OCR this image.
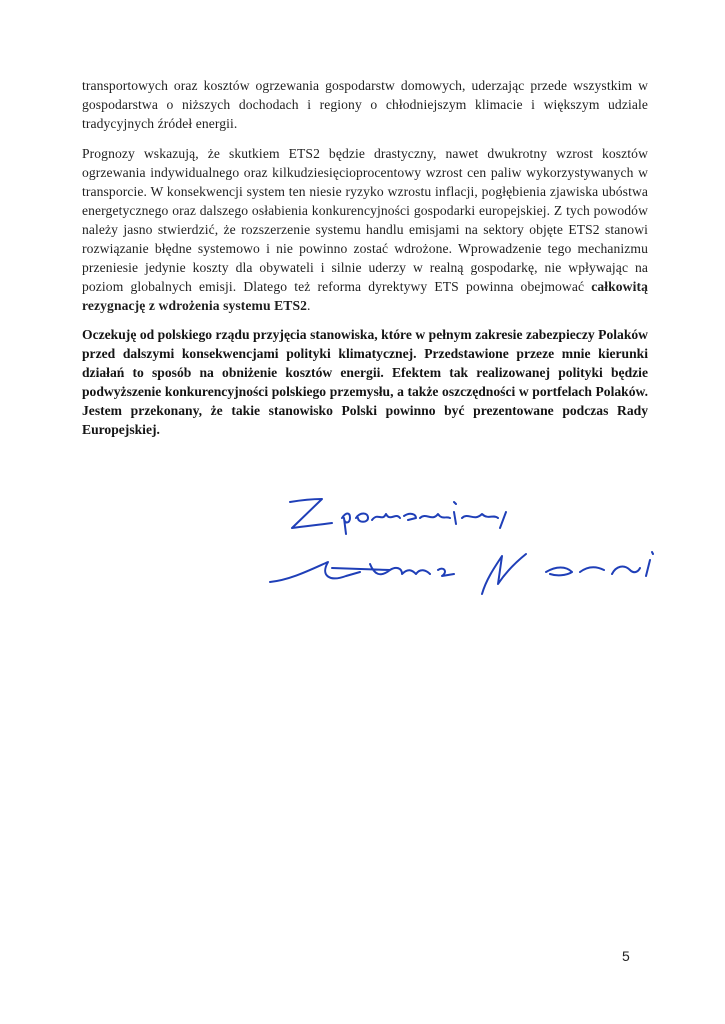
transportowych oraz kosztów ogrzewania gospodarstw domowych, uderzając przede wszystkim w gospodarstwa o niższych dochodach i regiony o chłodniejszym klimacie i większym udziale tradycyjnych źródeł energii.

Prognozy wskazują, że skutkiem ETS2 będzie drastyczny, nawet dwukrotny wzrost kosztów ogrzewania indywidualnego oraz kilkudziesięcioprocentowy wzrost cen paliw wykorzystywanych w transporcie. W konsekwencji system ten niesie ryzyko wzrostu inflacji, pogłębienia zjawiska ubóstwa energetycznego oraz dalszego osłabienia konkurencyjności gospodarki europejskiej. Z tych powodów należy jasno stwierdzić, że rozszerzenie systemu handlu emisjami na sektory objęte ETS2 stanowi rozwiązanie błędne systemowo i nie powinno zostać wdrożone. Wprowadzenie tego mechanizmu przeniesie jedynie koszty dla obywateli i silnie uderzy w realną gospodarkę, nie wpływając na poziom globalnych emisji. Dlatego też reforma dyrektywy ETS powinna obejmować całkowitą rezygnację z wdrożenia systemu ETS2.

Oczekuję od polskiego rządu przyjęcia stanowiska, które w pełnym zakresie zabezpieczy Polaków przed dalszymi konsekwencjami polityki klimatycznej. Przedstawione przeze mnie kierunki działań to sposób na obniżenie kosztów energii. Efektem tak realizowanej polityki będzie podwyższenie konkurencyjności polskiego przemysłu, a także oszczędności w portfelach Polaków. Jestem przekonany, że takie stanowisko Polski powinno być prezentowane podczas Rady Europejskiej.

5
